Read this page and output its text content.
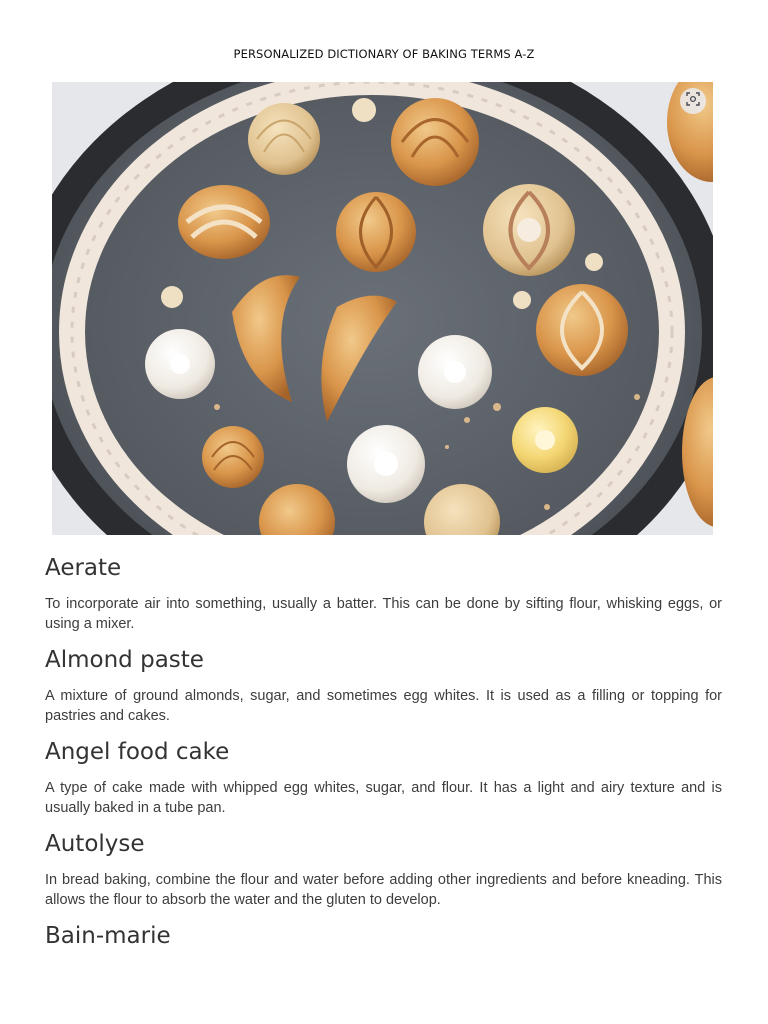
PERSONALIZED DICTIONARY OF BAKING TERMS A-Z
Aerate

To incorporate air into something, usually a batter. This can be done by sifting flour, whisking eggs, or using a mixer.

Almond paste

A mixture of ground almonds, sugar, and sometimes egg whites. It is used as a filling or topping for pastries and cakes.

Angel food cake

A type of cake made with whipped egg whites, sugar, and flour. It has a light and airy texture and is usually baked in a tube pan.

Autolyse

In bread baking, combine the flour and water before adding other ingredients and before kneading. This allows the flour to absorb the water and the gluten to develop.

Bain-marie
